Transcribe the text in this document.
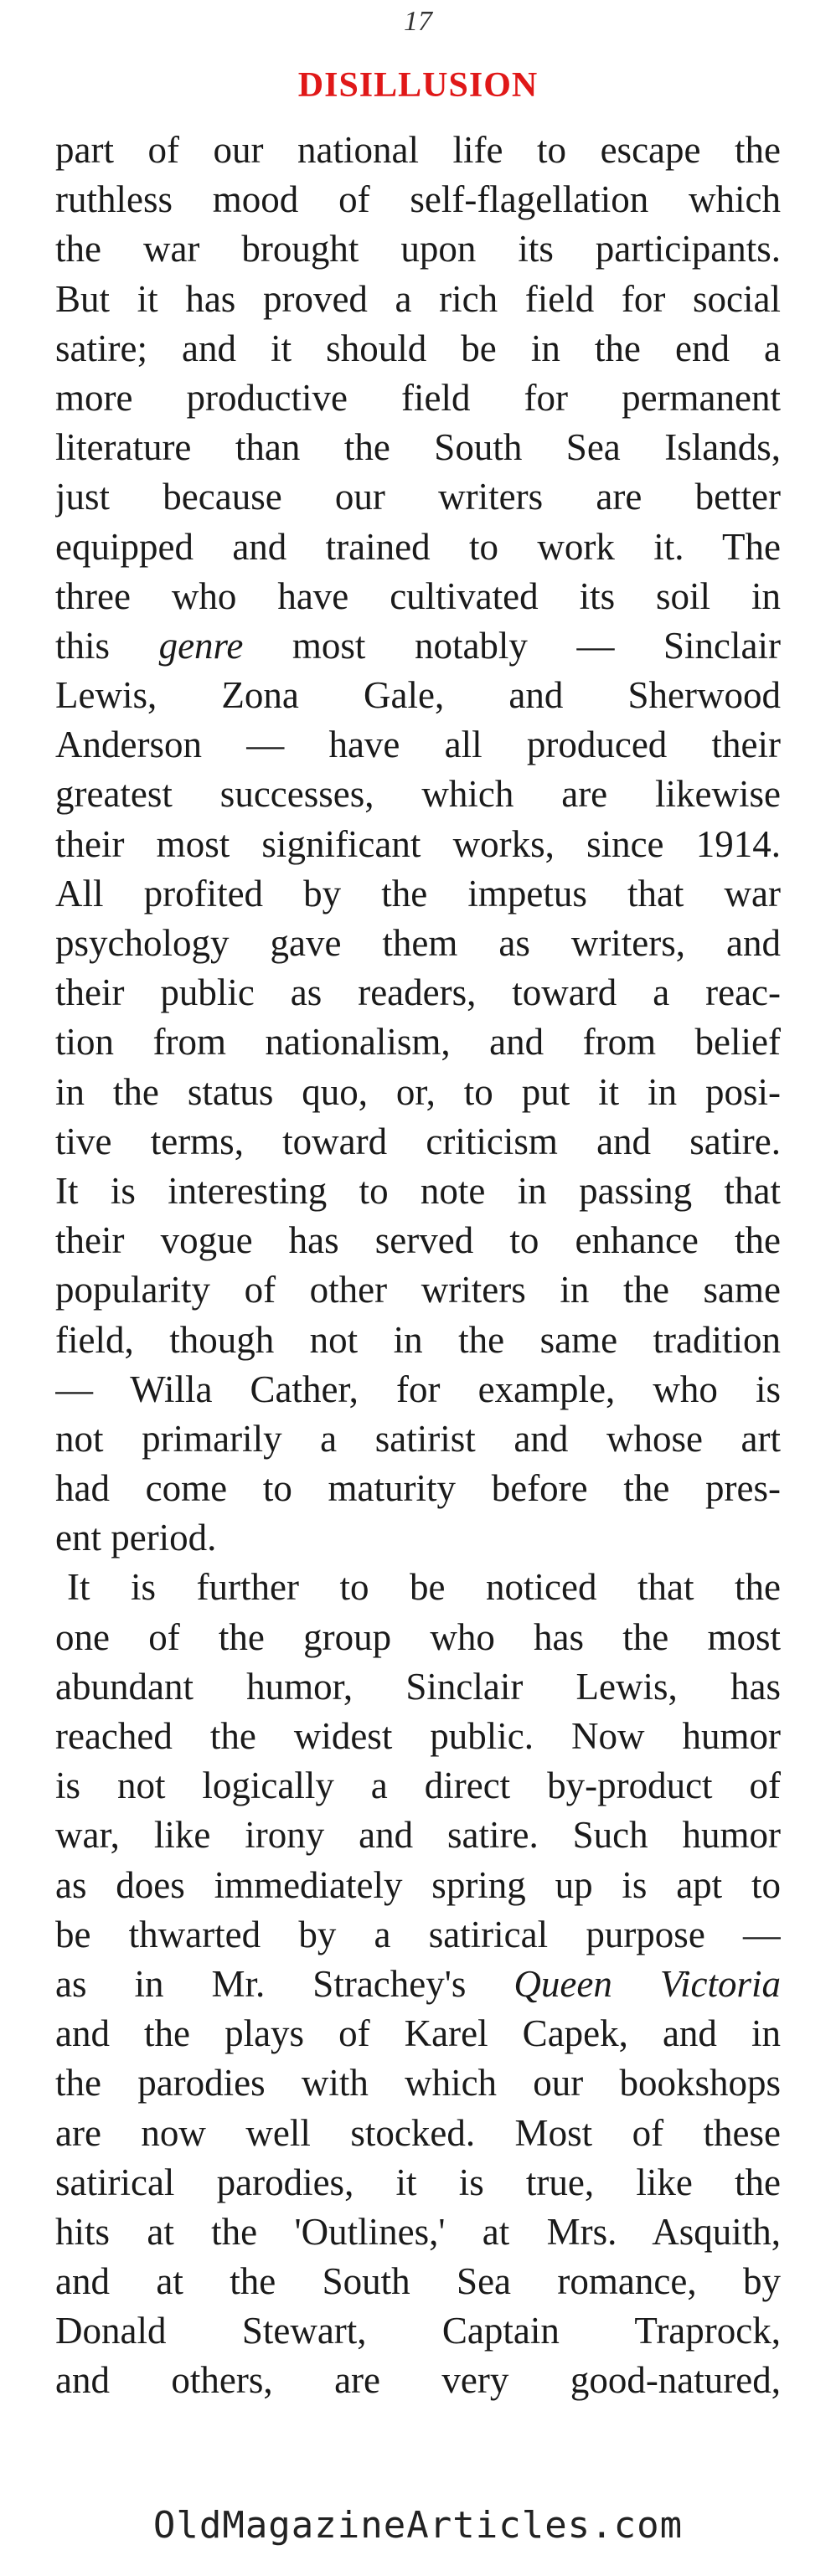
17
DISILLUSION
part of our national life to escape the
ruthless mood of self-flagellation which
the war brought upon its participants.
But it has proved a rich field for social
satire; and it should be in the end a
more productive field for permanent
literature than the South Sea Islands,
just because our writers are better
equipped and trained to work it. The
three who have cultivated its soil in
this genre most notably — Sinclair
Lewis, Zona Gale, and Sherwood
Anderson — have all produced their
greatest successes, which are likewise
their most significant works, since 1914.
All profited by the impetus that war
psychology gave them as writers, and
their public as readers, toward a reac-
tion from nationalism, and from belief
in the status quo, or, to put it in posi-
tive terms, toward criticism and satire.
It is interesting to note in passing that
their vogue has served to enhance the
popularity of other writers in the same
field, though not in the same tradition
— Willa Cather, for example, who is
not primarily a satirist and whose art
had come to maturity before the pres-
ent period.
It is further to be noticed that the
one of the group who has the most
abundant humor, Sinclair Lewis, has
reached the widest public. Now humor
is not logically a direct by-product of
war, like irony and satire. Such humor
as does immediately spring up is apt to
be thwarted by a satirical purpose —
as in Mr. Strachey's Queen Victoria
and the plays of Karel Capek, and in
the parodies with which our bookshops
are now well stocked. Most of these
satirical parodies, it is true, like the
hits at the 'Outlines,' at Mrs. Asquith,
and at the South Sea romance, by
Donald Stewart, Captain Traprock,
and others, are very good-natured,
OldMagazineArticles.com
